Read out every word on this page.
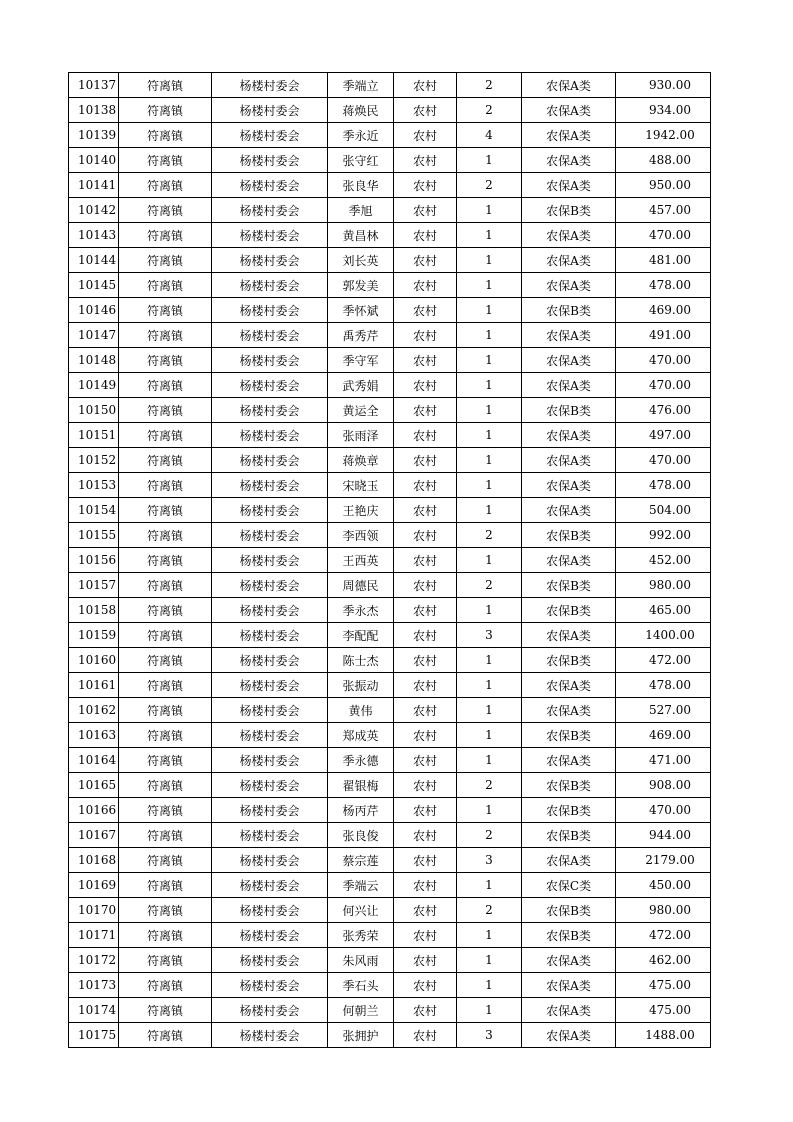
10137	符离镇	杨楼村委会	季端立	农村	2	农保A类	930.00
10138	符离镇	杨楼村委会	蒋焕民	农村	2	农保A类	934.00
10139	符离镇	杨楼村委会	季永近	农村	4	农保A类	1942.00
10140	符离镇	杨楼村委会	张守红	农村	1	农保A类	488.00
10141	符离镇	杨楼村委会	张良华	农村	2	农保A类	950.00
10142	符离镇	杨楼村委会	季旭	农村	1	农保B类	457.00
10143	符离镇	杨楼村委会	黄昌林	农村	1	农保A类	470.00
10144	符离镇	杨楼村委会	刘长英	农村	1	农保A类	481.00
10145	符离镇	杨楼村委会	郭发美	农村	1	农保A类	478.00
10146	符离镇	杨楼村委会	季怀斌	农村	1	农保B类	469.00
10147	符离镇	杨楼村委会	禹秀芹	农村	1	农保A类	491.00
10148	符离镇	杨楼村委会	季守军	农村	1	农保A类	470.00
10149	符离镇	杨楼村委会	武秀娟	农村	1	农保A类	470.00
10150	符离镇	杨楼村委会	黄运全	农村	1	农保B类	476.00
10151	符离镇	杨楼村委会	张雨泽	农村	1	农保A类	497.00
10152	符离镇	杨楼村委会	蒋焕章	农村	1	农保A类	470.00
10153	符离镇	杨楼村委会	宋晓玉	农村	1	农保A类	478.00
10154	符离镇	杨楼村委会	王艳庆	农村	1	农保A类	504.00
10155	符离镇	杨楼村委会	李西领	农村	2	农保B类	992.00
10156	符离镇	杨楼村委会	王西英	农村	1	农保A类	452.00
10157	符离镇	杨楼村委会	周德民	农村	2	农保B类	980.00
10158	符离镇	杨楼村委会	季永杰	农村	1	农保B类	465.00
10159	符离镇	杨楼村委会	李配配	农村	3	农保A类	1400.00
10160	符离镇	杨楼村委会	陈士杰	农村	1	农保B类	472.00
10161	符离镇	杨楼村委会	张振动	农村	1	农保A类	478.00
10162	符离镇	杨楼村委会	黄伟	农村	1	农保A类	527.00
10163	符离镇	杨楼村委会	郑成英	农村	1	农保B类	469.00
10164	符离镇	杨楼村委会	季永德	农村	1	农保A类	471.00
10165	符离镇	杨楼村委会	翟银梅	农村	2	农保B类	908.00
10166	符离镇	杨楼村委会	杨丙芹	农村	1	农保B类	470.00
10167	符离镇	杨楼村委会	张良俊	农村	2	农保B类	944.00
10168	符离镇	杨楼村委会	蔡宗莲	农村	3	农保A类	2179.00
10169	符离镇	杨楼村委会	季端云	农村	1	农保C类	450.00
10170	符离镇	杨楼村委会	何兴让	农村	2	农保B类	980.00
10171	符离镇	杨楼村委会	张秀荣	农村	1	农保B类	472.00
10172	符离镇	杨楼村委会	朱风雨	农村	1	农保A类	462.00
10173	符离镇	杨楼村委会	季石头	农村	1	农保A类	475.00
10174	符离镇	杨楼村委会	何朝兰	农村	1	农保A类	475.00
10175	符离镇	杨楼村委会	张拥护	农村	3	农保A类	1488.00
